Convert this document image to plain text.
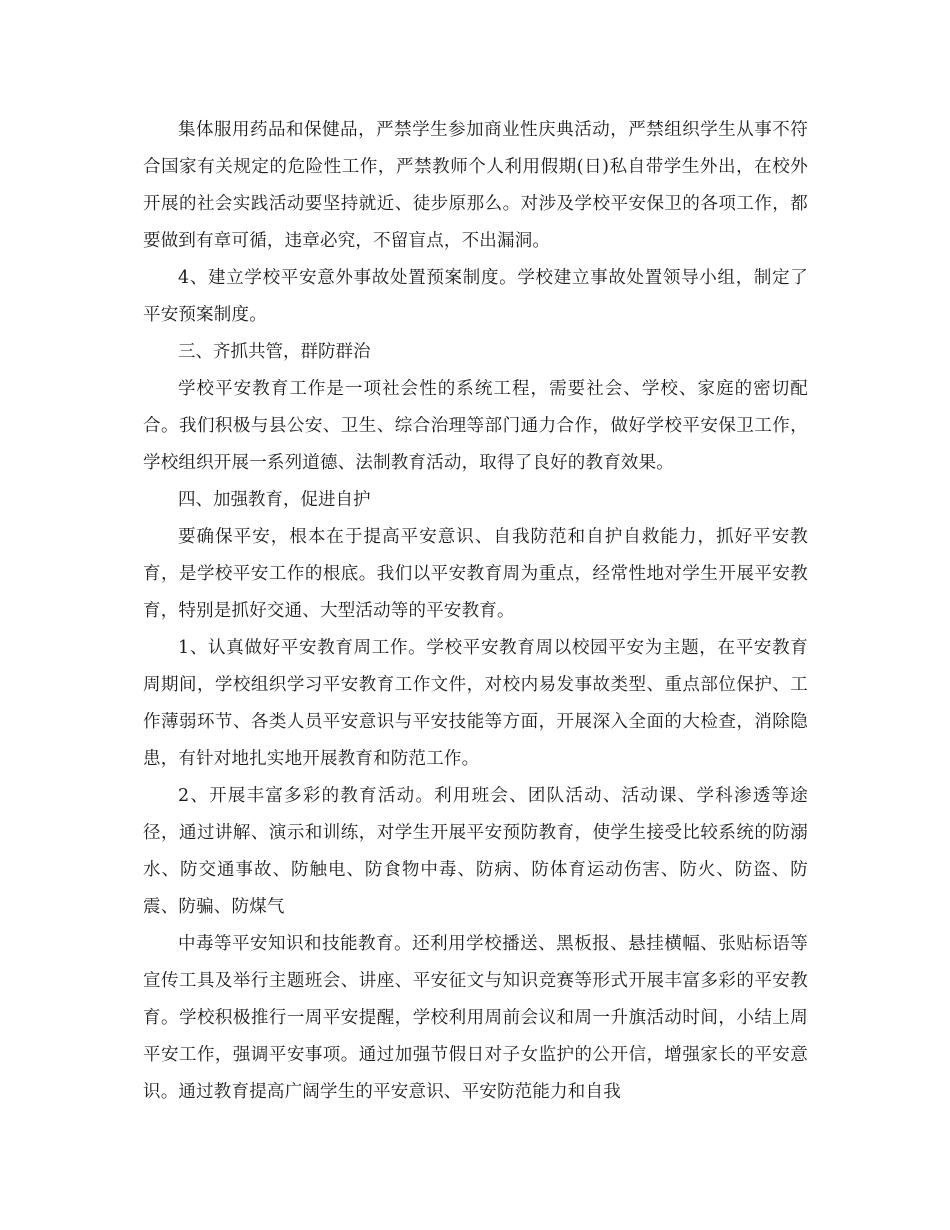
集体服用药品和保健品，严禁学生参加商业性庆典活动，严禁组织学生从事不符合国家有关规定的危险性工作，严禁教师个人利用假期(日)私自带学生外出，在校外开展的社会实践活动要坚持就近、徒步原那么。对涉及学校平安保卫的各项工作，都要做到有章可循，违章必究，不留盲点，不出漏洞。

4、建立学校平安意外事故处置预案制度。学校建立事故处置领导小组，制定了平安预案制度。

三、齐抓共管，群防群治

学校平安教育工作是一项社会性的系统工程，需要社会、学校、家庭的密切配合。我们积极与县公安、卫生、综合治理等部门通力合作，做好学校平安保卫工作，学校组织开展一系列道德、法制教育活动，取得了良好的教育效果。

四、加强教育，促进自护

要确保平安，根本在于提高平安意识、自我防范和自护自救能力，抓好平安教育，是学校平安工作的根底。我们以平安教育周为重点，经常性地对学生开展平安教育，特别是抓好交通、大型活动等的平安教育。

1、认真做好平安教育周工作。学校平安教育周以校园平安为主题，在平安教育周期间，学校组织学习平安教育工作文件，对校内易发事故类型、重点部位保护、工作薄弱环节、各类人员平安意识与平安技能等方面，开展深入全面的大检查，消除隐患，有针对地扎实地开展教育和防范工作。

2、开展丰富多彩的教育活动。利用班会、团队活动、活动课、学科渗透等途径，通过讲解、演示和训练，对学生开展平安预防教育，使学生接受比较系统的防溺水、防交通事故、防触电、防食物中毒、防病、防体育运动伤害、防火、防盗、防震、防骗、防煤气

中毒等平安知识和技能教育。还利用学校播送、黑板报、悬挂横幅、张贴标语等宣传工具及举行主题班会、讲座、平安征文与知识竞赛等形式开展丰富多彩的平安教育。学校积极推行一周平安提醒，学校利用周前会议和周一升旗活动时间，小结上周平安工作，强调平安事项。通过加强节假日对子女监护的公开信，增强家长的平安意识。通过教育提高广阔学生的平安意识、平安防范能力和自我
